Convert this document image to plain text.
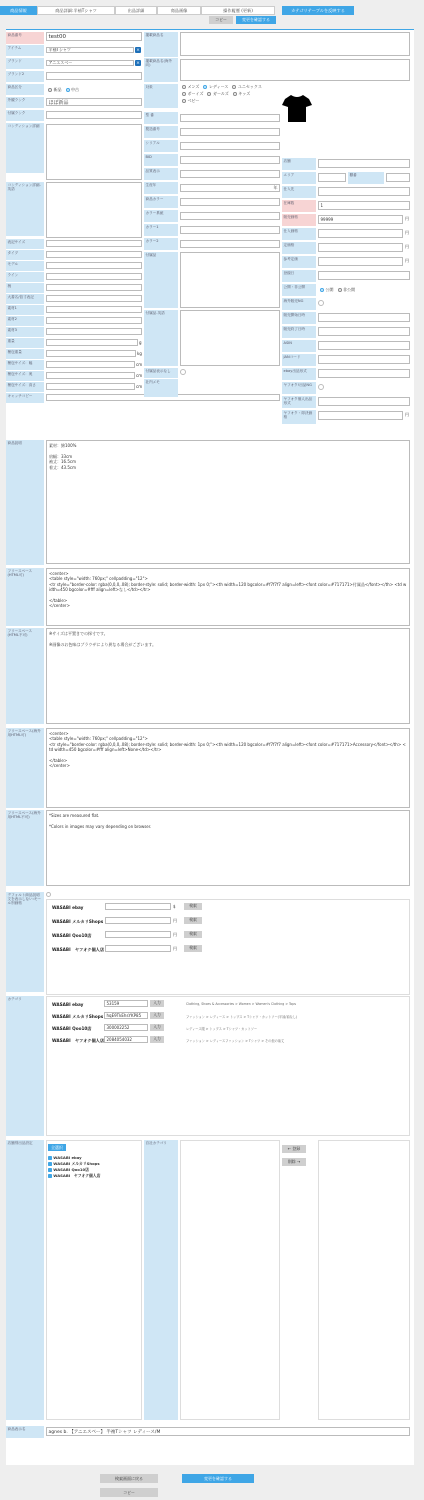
商品情報	商品詳細:半袖Tシャツ	出品詳細	商品画像	操作履歴 (更新)	カテゴリテーブルを反映する
コピー	変更を確認する
商品番号	test00
アイテム	半袖Tシャツ	×
ブランド	アニエスベー	×
ブランド2
商品区分	新品 中古
外観ランク	ほぼ新品
付属ランク
コンディション詳細
コンディション詳細-英語
表記サイズ
タイプ
モデル
ライン
柄
大書名/倍寸表記
素材1
素材2
素材3
重量	g
梱包重量	kg
梱包サイズ：幅	cm
梱包サイズ：奥	cm
梱包サイズ：高さ	cm
キャッチコピー
掲載商品名
掲載商品名(海外向)
対象	メンズ レディース ユニセックス
ボーイズ ガールズ キッズ
ベビー
型 番
製造番号
シリアル
BID
品質表示
生産年	年
商品カラー
カラー系統
カラー1
カラー2
付属品
付属品-英語
付属品表示なし
社内メモ
店舗
エリア	棚番
仕入先
在庫数	1
販売価格	99999	円
仕入価格	円
定価格	円
参考定価	円
登録日
公開・非公開	公開 非公開
海外販売NG
販売開始日時
販売終了日時
ASIN
JANコード
ebay出品形式
ヤフオク!出品NG
ヤフオク個人出品形式
ヤフオク・即決価格
円
商品説明	素材：綿100%

肩幅：33cm
袖丈：16.5cm
着丈：43.5cm
フリースペース(HTML可)	<center>
<table style="width: 760px;" cellpadding="12">
<tr style="border-color: rgba(0,0,0,.08); border-style: solid; border-width: 1px 0;"><th width=120 bgcolor=#f7f7f7 align=left><font color=#717171>付属品</font></th> <td width=450 bgcolor=#fff align=left>なし</td></tr>

</table>
</center>
フリースペース(HTML不可)	※サイズは平置きでの採寸です。

※画像のお色味はブラウザにより異なる場合がございます。
フリースペース(海外用HTML可)	<center>
<table style="width: 760px;" cellpadding="12">
<tr style="border-color: rgba(0,0,0,.08); border-style: solid; border-width: 1px 0;"><th width=120 bgcolor=#f7f7f7 align=left><font color=#717171>Accessory</font></th> <td width=450 bgcolor=#fff align=left>None</td></tr>

</table>
</center>
フリースペース(海外用HTML不可)	*Sizes are measured flat.

*Colors in images may vary depending on browser.
デフォルト商品説明文を表示しない:モール別価格
WASABI ebay	$	検索
WASABI メルカリShops	円	検索
WASABI Qoo10店	円	検索
WASABI　ヤフオク個人店	円	検索
カテゴリ
WASABI ebay	53159	入力	Clothing, Shoes & Accessories > Women > Women's Clothing > Tops
WASABI メルカリShops hqE9TkEhsYKP85	入力	ファッション > レディース > トップス > Tシャツ・カットソー(半袖/袖なし)
WASABI Qoo10店	300002252	入力	レディース服 > トップス > Tシャツ・カットソー
WASABI　ヤフオク個人店 2084054032	入力	ファッション > レディースファッション > Tシャツ > その他の袖丈
店舗別出品設定
全選択
WASABI ebay
WASABI メルカリShops
WASABI Qoo10店
WASABI　ヤフオク個人店
自社カテゴリ
← 登録
削除 →
商品表示名
agnes b. 【アニエスベー】 半袖Tシャツ レディース/M
検索画面に戻る	変更を確認する
コピー
